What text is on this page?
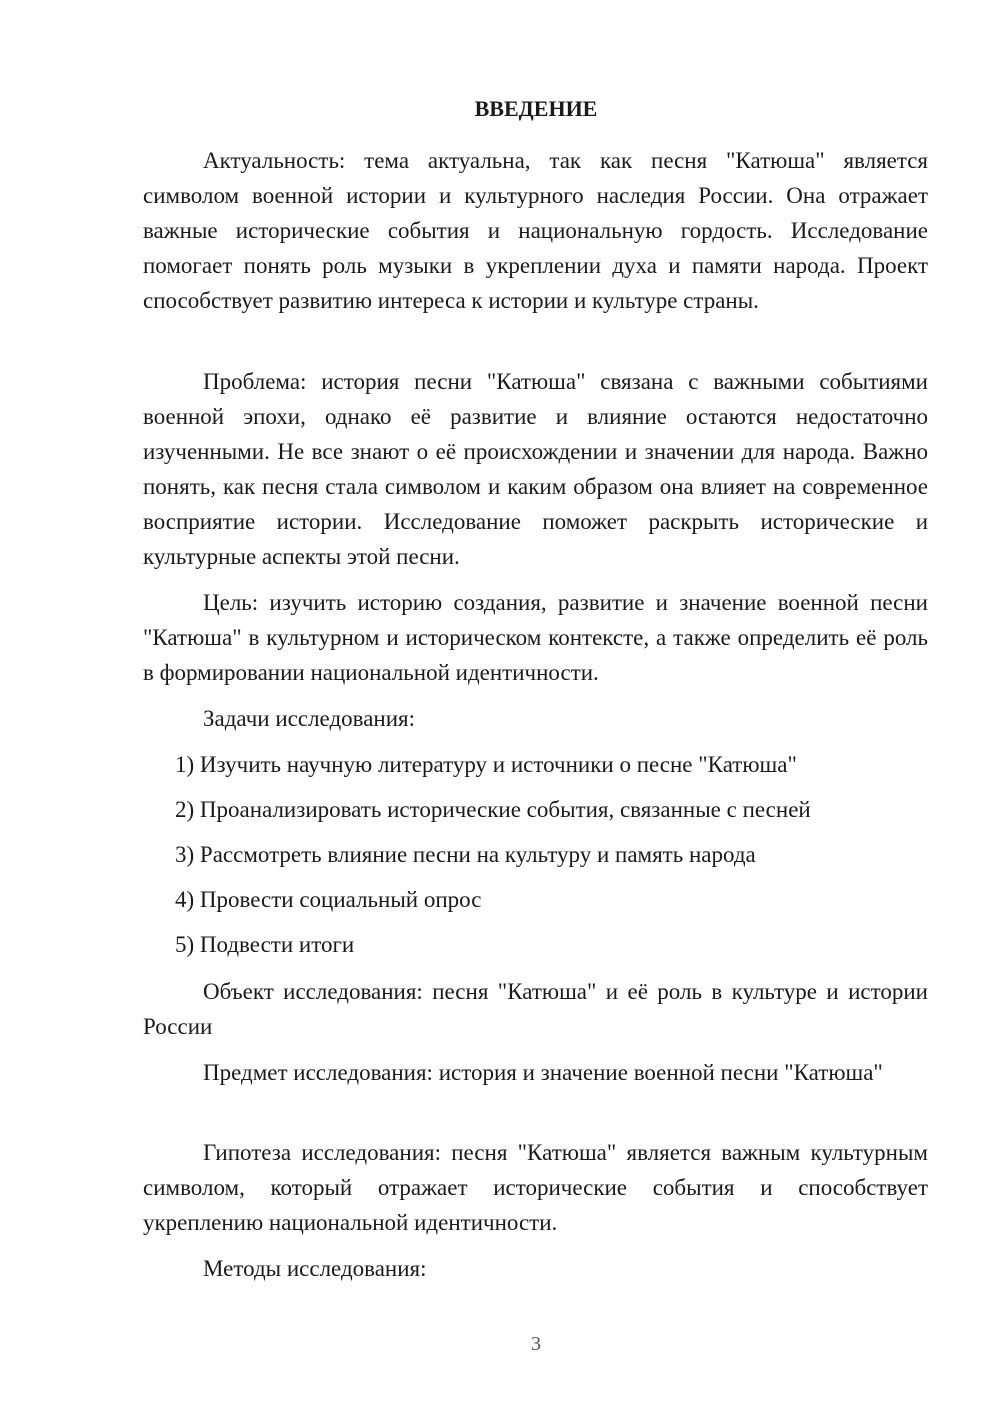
ВВЕДЕНИЕ

Актуальность: тема актуальна, так как песня "Катюша" является символом военной истории и культурного наследия России. Она отражает важные исторические события и национальную гордость. Исследование помогает понять роль музыки в укреплении духа и памяти народа. Проект способствует развитию интереса к истории и культуре страны.

Проблема: история песни "Катюша" связана с важными событиями военной эпохи, однако её развитие и влияние остаются недостаточно изученными. Не все знают о её происхождении и значении для народа. Важно понять, как песня стала символом и каким образом она влияет на современное восприятие истории. Исследование поможет раскрыть исторические и культурные аспекты этой песни.

Цель: изучить историю создания, развитие и значение военной песни "Катюша" в культурном и историческом контексте, а также определить её роль в формировании национальной идентичности.

Задачи исследования:

1) Изучить научную литературу и источники о песне "Катюша"
2) Проанализировать исторические события, связанные с песней
3) Рассмотреть влияние песни на культуру и память народа
4) Провести социальный опрос
5) Подвести итоги

Объект исследования: песня "Катюша" и её роль в культуре и истории России

Предмет исследования: история и значение военной песни "Катюша"

Гипотеза исследования: песня "Катюша" является важным культурным символом, который отражает исторические события и способствует укреплению национальной идентичности.

Методы исследования:

3
